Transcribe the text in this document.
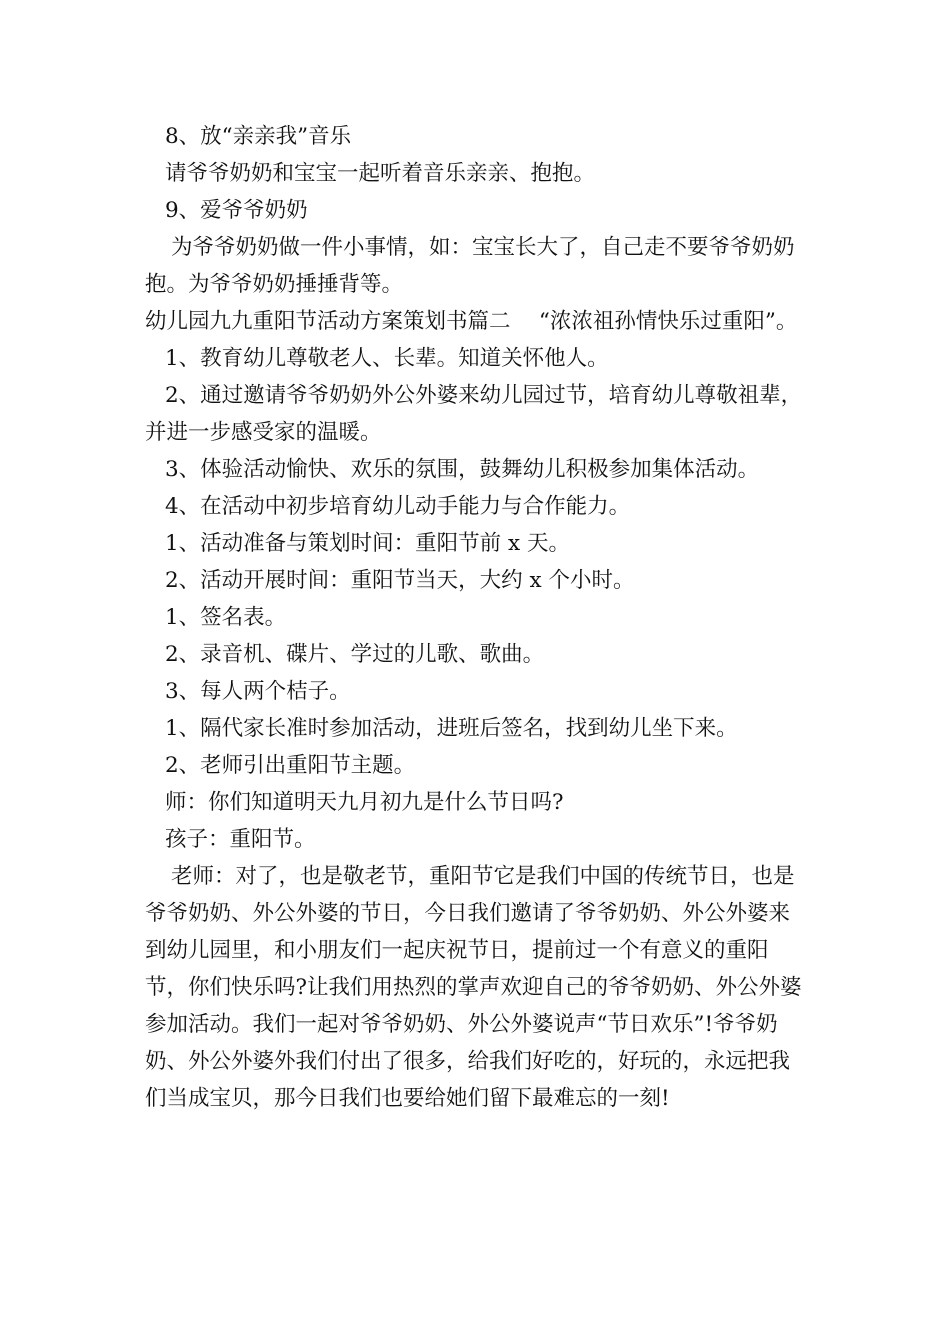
8、放“亲亲我”音乐

请爷爷奶奶和宝宝一起听着音乐亲亲、抱抱。

9、爱爷爷奶奶

为爷爷奶奶做一件小事情，如：宝宝长大了，自己走不要爷爷奶奶抱。为爷爷奶奶捶捶背等。

幼儿园九九重阳节活动方案策划书篇二　 “浓浓祖孙情快乐过重阳”。

1、教育幼儿尊敬老人、长辈。知道关怀他人。

2、通过邀请爷爷奶奶外公外婆来幼儿园过节，培育幼儿尊敬祖辈，并进一步感受家的温暖。

3、体验活动愉快、欢乐的氛围，鼓舞幼儿积极参加集体活动。

4、在活动中初步培育幼儿动手能力与合作能力。

1、活动准备与策划时间：重阳节前 x 天。

2、活动开展时间：重阳节当天，大约 x 个小时。

1、签名表。

2、录音机、碟片、学过的儿歌、歌曲。

3、每人两个桔子。

1、隔代家长准时参加活动，进班后签名，找到幼儿坐下来。

2、老师引出重阳节主题。

师：你们知道明天九月初九是什么节日吗?

孩子：重阳节。

老师：对了，也是敬老节，重阳节它是我们中国的传统节日，也是爷爷奶奶、外公外婆的节日，今日我们邀请了爷爷奶奶、外公外婆来到幼儿园里，和小朋友们一起庆祝节日，提前过一个有意义的重阳节，你们快乐吗?让我们用热烈的掌声欢迎自己的爷爷奶奶、外公外婆参加活动。我们一起对爷爷奶奶、外公外婆说声“节日欢乐”!爷爷奶奶、外公外婆外我们付出了很多，给我们好吃的，好玩的，永远把我们当成宝贝，那今日我们也要给她们留下最难忘的一刻!
